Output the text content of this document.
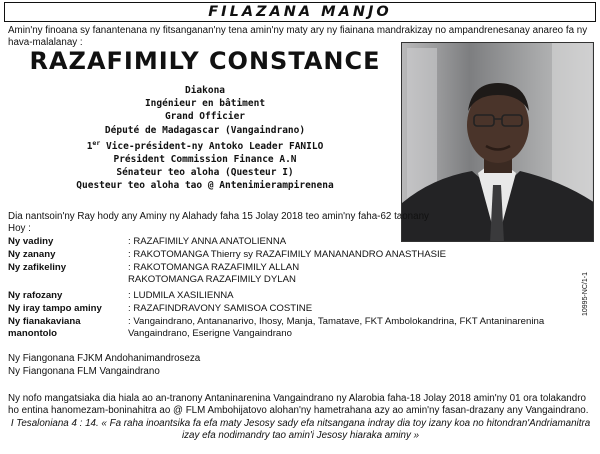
FILAZANA MANJO
Amin'ny finoana sy fanantenana ny fitsanganan'ny tena amin'ny maty ary ny fiainana mandrakizay no ampandrenesanay anareo fa ny hava-malalanay :
RAZAFIMILY CONSTANCE
Diakona
Ingénieur en bâtiment
Grand Officier
Député de Madagascar (Vangaindrano)
1er Vice-président-ny Antoko Leader FANILO
Président Commission Finance A.N
Sénateur teo aloha (Questeur I)
Questeur teo aloha tao @ Antenimierampirenena
10995-NC/1-1
Dia nantsoin'ny Ray hody any Aminy ny Alahady faha 15 Jolay 2018 teo amin'ny faha-62 taonany
Hoy :
Ny vadiny	: RAZAFIMILY ANNA ANATOLIENNA
Ny zanany	: RAKOTOMANGA Thierry sy RAZAFIMILY MANANANDRO ANASTHASIE
Ny zafikeliny	: RAKOTOMANGA RAZAFIMILY ALLAN
RAKOTOMANGA RAZAFIMILY DYLAN
Ny rafozany	: LUDMILA XASILIENNA
Ny iray tampo aminy	: RAZAFINDRAVONY SAMISOA COSTINE
Ny fianakaviana manontolo
: Vangaindrano, Antananarivo, Ihosy, Manja, Tamatave, FKT Ambolokandrina, FKT Antaninarenina Vangaindrano, Eserigne Vangaindrano
Ny Fiangonana FJKM Andohanimandroseza
Ny Fiangonana FLM Vangaindrano
Ny nofo mangatsiaka dia hiala ao an-tranony Antaninarenina Vangaindrano ny Alarobia faha-18 Jolay 2018 amin'ny 01 ora tolakandro ho entina hanomezam-boninahitra ao @ FLM Ambohijatovo alohan'ny hametrahana azy ao amin'ny fasan-drazany any Vangaindrano.
I Tesaloniana 4 : 14. « Fa raha inoantsika fa efa maty Jesosy sady efa nitsangana indray dia toy izany koa no hitondran'Andriamanitra
izay efa nodimandry tao amin'i Jesosy hiaraka aminy »
